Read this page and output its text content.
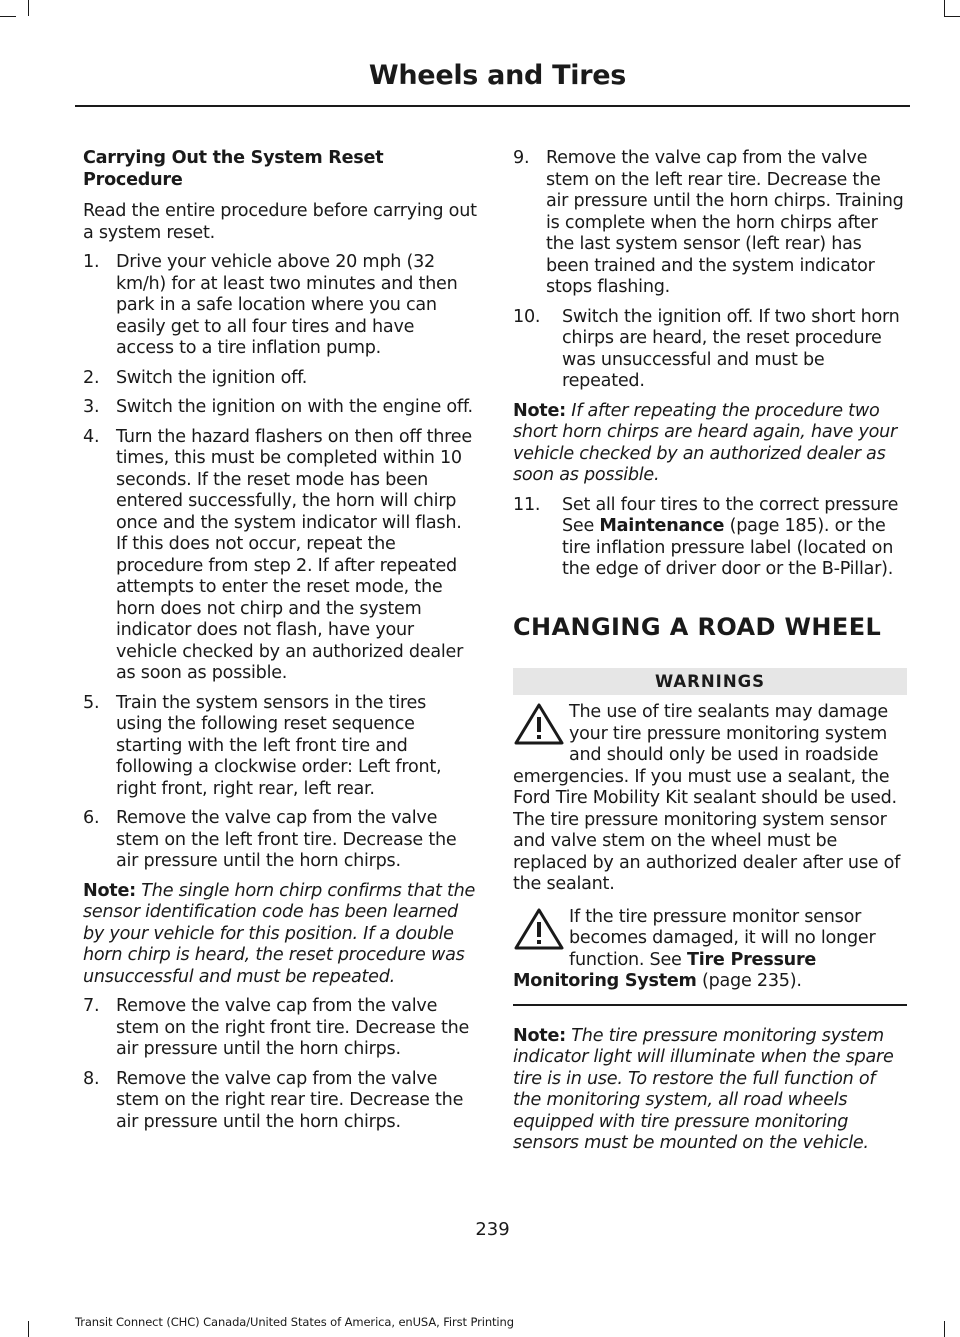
Wheels and Tires
Carrying Out the System Reset Procedure

Read the entire procedure before carrying out a system reset.

1. Drive your vehicle above 20 mph (32 km/h) for at least two minutes and then park in a safe location where you can easily get to all four tires and have access to a tire inflation pump.
2. Switch the ignition off.
3. Switch the ignition on with the engine off.
4. Turn the hazard flashers on then off three times, this must be completed within 10 seconds. If the reset mode has been entered successfully, the horn will chirp once and the system indicator will flash. If this does not occur, repeat the procedure from step 2. If after repeated attempts to enter the reset mode, the horn does not chirp and the system indicator does not flash, have your vehicle checked by an authorized dealer as soon as possible.
5. Train the system sensors in the tires using the following reset sequence starting with the left front tire and following a clockwise order: Left front, right front, right rear, left rear.
6. Remove the valve cap from the valve stem on the left front tire. Decrease the air pressure until the horn chirps.

Note: The single horn chirp confirms that the sensor identification code has been learned by your vehicle for this position. If a double horn chirp is heard, the reset procedure was unsuccessful and must be repeated.

7. Remove the valve cap from the valve stem on the right front tire. Decrease the air pressure until the horn chirps.
8. Remove the valve cap from the valve stem on the right rear tire. Decrease the air pressure until the horn chirps.
9. Remove the valve cap from the valve stem on the left rear tire. Decrease the air pressure until the horn chirps. Training is complete when the horn chirps after the last system sensor (left rear) has been trained and the system indicator stops flashing.
10.	Switch the ignition off. If two short horn chirps are heard, the reset procedure was unsuccessful and must be repeated.

Note: If after repeating the procedure two short horn chirps are heard again, have your vehicle checked by an authorized dealer as soon as possible.

11.	Set all four tires to the correct pressure See Maintenance (page 185). or the tire inflation pressure label (located on the edge of driver door or the B-Pillar).
CHANGING A ROAD WHEEL
WARNINGS
The use of tire sealants may damage your tire pressure monitoring system and should only be used in roadside emergencies. If you must use a sealant, the Ford Tire Mobility Kit sealant should be used. The tire pressure monitoring system sensor and valve stem on the wheel must be replaced by an authorized dealer after use of the sealant.
If the tire pressure monitor sensor becomes damaged, it will no longer function. See Tire Pressure Monitoring System (page 235).

Note: The tire pressure monitoring system indicator light will illuminate when the spare tire is in use. To restore the full function of the monitoring system, all road wheels equipped with tire pressure monitoring sensors must be mounted on the vehicle.

239
Transit Connect (CHC) Canada/United States of America, enUSA, First Printing
